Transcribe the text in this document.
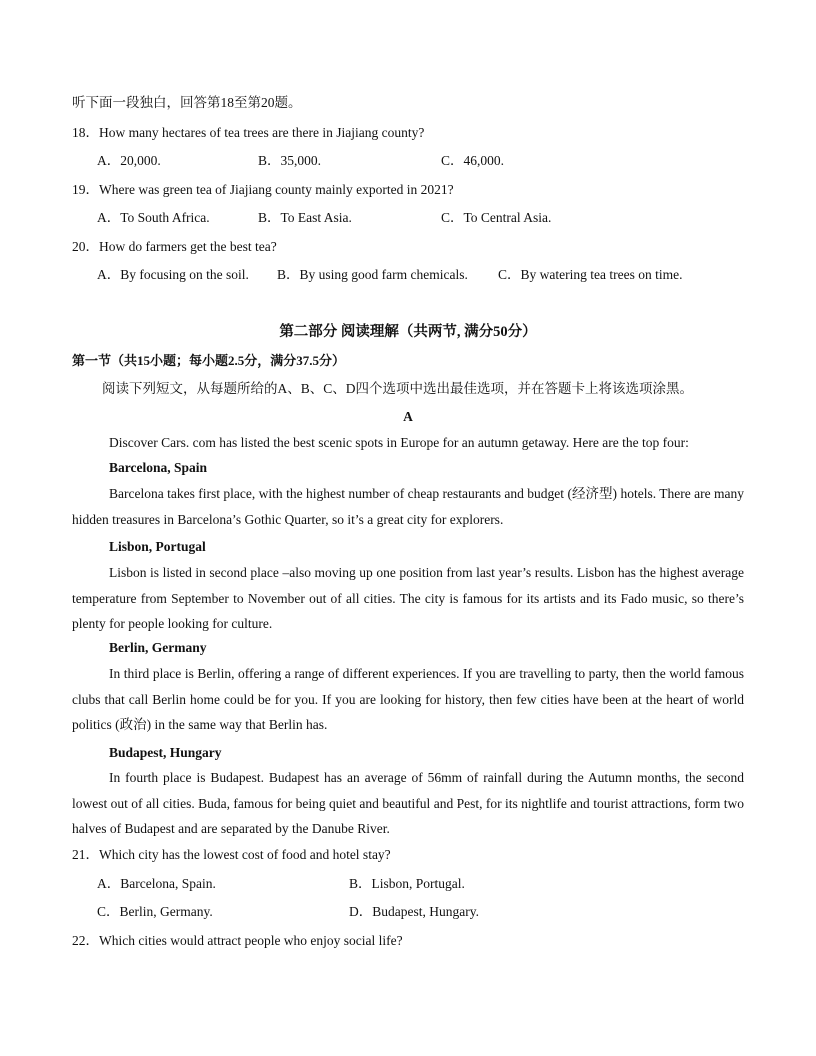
听下面一段独白，回答第18至第20题。
18．How many hectares of tea trees are there in Jiajiang county?
A．20,000.	B．35,000.	C．46,000.
19．Where was green tea of Jiajiang county mainly exported in 2021?
A．To South Africa.	B．To East Asia.	C．To Central Asia.
20．How do farmers get the best tea?
A．By focusing on the soil. B．By using good farm chemicals. C．By watering tea trees on time.
第二部分 阅读理解（共两节, 满分50分）
第一节（共15小题；每小题2.5分，满分37.5分）
阅读下列短文，从每题所给的A、B、C、D四个选项中选出最佳选项，并在答题卡上将该选项涂黑。
A
Discover Cars. com has listed the best scenic spots in Europe for an autumn getaway. Here are the top four:
Barcelona, Spain
Barcelona takes first place, with the highest number of cheap restaurants and budget (经济型) hotels. There are many hidden treasures in Barcelona’s Gothic Quarter, so it’s a great city for explorers.
Lisbon, Portugal
Lisbon is listed in second place –also moving up one position from last year’s results. Lisbon has the highest average temperature from September to November out of all cities. The city is famous for its artists and its Fado music, so there’s plenty for people looking for culture.
Berlin, Germany
In third place is Berlin, offering a range of different experiences. If you are travelling to party, then the world famous clubs that call Berlin home could be for you. If you are looking for history, then few cities have been at the heart of world politics (政治) in the same way that Berlin has.
Budapest, Hungary
In fourth place is Budapest. Budapest has an average of 56mm of rainfall during the Autumn months, the second lowest out of all cities. Buda, famous for being quiet and beautiful and Pest, for its nightlife and tourist attractions, form two halves of Budapest and are separated by the Danube River.
21．Which city has the lowest cost of food and hotel stay?
A．Barcelona, Spain.	B．Lisbon, Portugal.
C．Berlin, Germany.	D．Budapest, Hungary.
22．Which cities would attract people who enjoy social life?
